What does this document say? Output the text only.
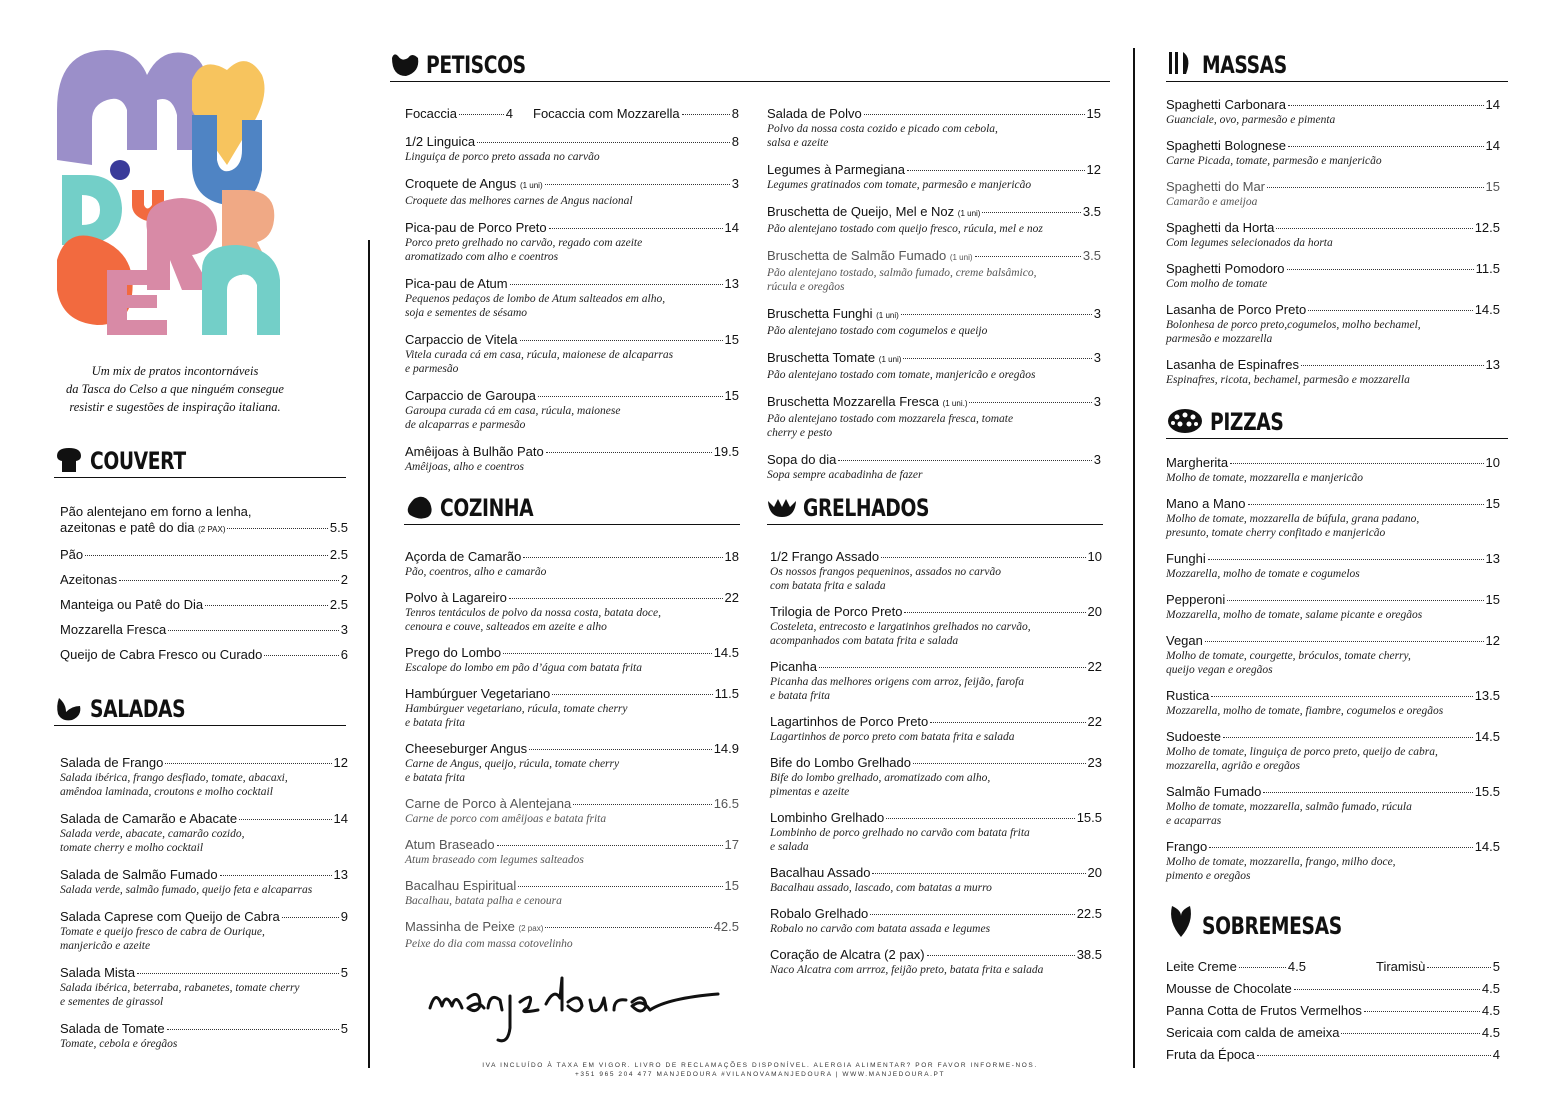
Um mix de pratos incontornáveis
da Tasca do Celso a que ninguém consegue
resistir e sugestões de inspiração italiana.
COUVERT
Pão alentejano em forno a lenha,
azeitonas e patê do dia (2 PAX)	5.5
Pão	2.5
Azeitonas	2
Manteiga ou Patê do Dia	2.5
Mozzarella Fresca	3
Queijo de Cabra Fresco ou Curado	6
SALADAS
Salada de Frango	12
Salada ibérica, frango desfiado, tomate, abacaxi,
amêndoa laminada, croutons e molho cocktail
Salada de Camarão e Abacate	14
Salada verde, abacate, camarão cozido,
tomate cherry e molho cocktail
Salada de Salmão Fumado	13
Salada verde, salmão fumado, queijo feta e alcaparras
Salada Caprese com Queijo de Cabra	9
Tomate e queijo fresco de cabra de Ourique,
manjericão e azeite
Salada Mista	5
Salada ibérica, beterraba, rabanetes, tomate cherry
e sementes de girassol
Salada de Tomate	5
Tomate, cebola e óregãos
PETISCOS
Focaccia	4 Focaccia com Mozzarella	8
1/2 Linguica	8
Linguiça de porco preto assada no carvão
Croquete de Angus (1 uni)	3
Croquete das melhores carnes de Angus nacional
Pica-pau de Porco Preto	14
Porco preto grelhado no carvão, regado com azeite
aromatizado com alho e coentros
Pica-pau de Atum	13
Pequenos pedaços de lombo de Atum salteados em alho,
soja e sementes de sésamo
Carpaccio de Vitela	15
Vitela curada cá em casa, rúcula, maionese de alcaparras
e parmesão
Carpaccio de Garoupa	15
Garoupa curada cá em casa, rúcula, maionese
de alcaparras e parmesão
Amêijoas à Bulhão Pato	19.5
Amêijoas, alho e coentros
Salada de Polvo	15
Polvo da nossa costa cozido e picado com cebola,
salsa e azeite
Legumes à Parmegiana	12
Legumes gratinados com tomate, parmesão e manjericão
Bruschetta de Queijo, Mel e Noz (1 uni)	3.5
Pão alentejano tostado com queijo fresco, rúcula, mel e noz
Bruschetta de Salmão Fumado (1 uni)	3.5
Pão alentejano tostado, salmão fumado, creme balsâmico,
rúcula e oregãos
Bruschetta Funghi (1 uni)	3
Pão alentejano tostado com cogumelos e queijo
Bruschetta Tomate (1 uni)	3
Pão alentejano tostado com tomate, manjericão e oregãos
Bruschetta Mozzarella Fresca (1 uni.)	3
Pão alentejano tostado com mozzarela fresca, tomate
cherry e pesto
Sopa do dia	3
Sopa sempre acabadinha de fazer
COZINHA
Açorda de Camarão	18
Pão, coentros, alho e camarão
Polvo à Lagareiro	22
Tenros tentáculos de polvo da nossa costa, batata doce,
cenoura e couve, salteados em azeite e alho
Prego do Lombo	14.5
Escalope do lombo em pão d’água com batata frita
Hambúrguer Vegetariano	11.5
Hambúrguer vegetariano, rúcula, tomate cherry
e batata frita
Cheeseburger Angus	14.9
Carne de Angus, queijo, rúcula, tomate cherry
e batata frita
Carne de Porco à Alentejana	16.5
Carne de porco com amêijoas e batata frita
Atum Braseado	17
Atum braseado com legumes salteados
Bacalhau Espiritual	15
Bacalhau, batata palha e cenoura
Massinha de Peixe (2 pax)	42.5
Peixe do dia com massa cotovelinho
GRELHADOS
1/2 Frango Assado	10
Os nossos frangos pequeninos, assados no carvão
com batata frita e salada
Trilogia de Porco Preto	20
Costeleta, entrecosto e largatinhos grelhados no carvão,
acompanhados com batata frita e salada
Picanha	22
Picanha das melhores origens com arroz, feijão, farofa
e batata frita
Lagartinhos de Porco Preto	22
Lagartinhos de porco preto com batata frita e salada
Bife do Lombo Grelhado	23
Bife do lombo grelhado, aromatizado com alho,
pimentas e azeite
Lombinho Grelhado	15.5
Lombinho de porco grelhado no carvão com batata frita
e salada
Bacalhau Assado	20
Bacalhau assado, lascado, com batatas a murro
Robalo Grelhado	22.5
Robalo no carvão com batata assada e legumes
Coração de Alcatra (2 pax)	38.5
Naco Alcatra com arrroz, feijão preto, batata frita e salada
MASSAS
Spaghetti Carbonara	14
Guanciale, ovo, parmesão e pimenta
Spaghetti Bolognese	14
Carne Picada, tomate, parmesão e manjericão
Spaghetti do Mar	15
Camarão e ameijoa
Spaghetti da Horta	12.5
Com legumes selecionados da horta
Spaghetti Pomodoro	11.5
Com molho de tomate
Lasanha de Porco Preto	14.5
Bolonhesa de porco preto,cogumelos, molho bechamel,
parmesão e mozzarella
Lasanha de Espinafres	13
Espinafres, ricota, bechamel, parmesão e mozzarella
PIZZAS
Margherita	10
Molho de tomate, mozzarella e manjericão
Mano a Mano	15
Molho de tomate, mozzarella de búfula, grana padano,
presunto, tomate cherry confitado e manjericão
Funghi	13
Mozzarella, molho de tomate e cogumelos
Pepperoni	15
Mozzarella, molho de tomate, salame picante e oregãos
Vegan	12
Molho de tomate, courgette, bróculos, tomate cherry,
queijo vegan e oregãos
Rustica	13.5
Mozzarella, molho de tomate, fiambre, cogumelos e oregãos
Sudoeste	14.5
Molho de tomate, linguiça de porco preto, queijo de cabra,
mozzarella, agrião e oregãos
Salmão Fumado	15.5
Molho de tomate, mozzarella, salmão fumado, rúcula
e acaparras
Frango	14.5
Molho de tomate, mozzarella, frango, milho doce,
pimento e oregãos
SOBREMESAS
Leite Creme	4.5	Tiramisù	5
Mousse de Chocolate	4.5
Panna Cotta de Frutos Vermelhos	4.5
Sericaia com calda de ameixa	4.5
Fruta da Época	4
manjedoura
IVA INCLUÍDO À TAXA EM VIGOR. LIVRO DE RECLAMAÇÕES DISPONÍVEL. ALERGIA ALIMENTAR? POR FAVOR INFORME-NOS.
+351 965 204 477 MANJEDOURA #VILANOVAMANJEDOURA | WWW.MANJEDOURA.PT
